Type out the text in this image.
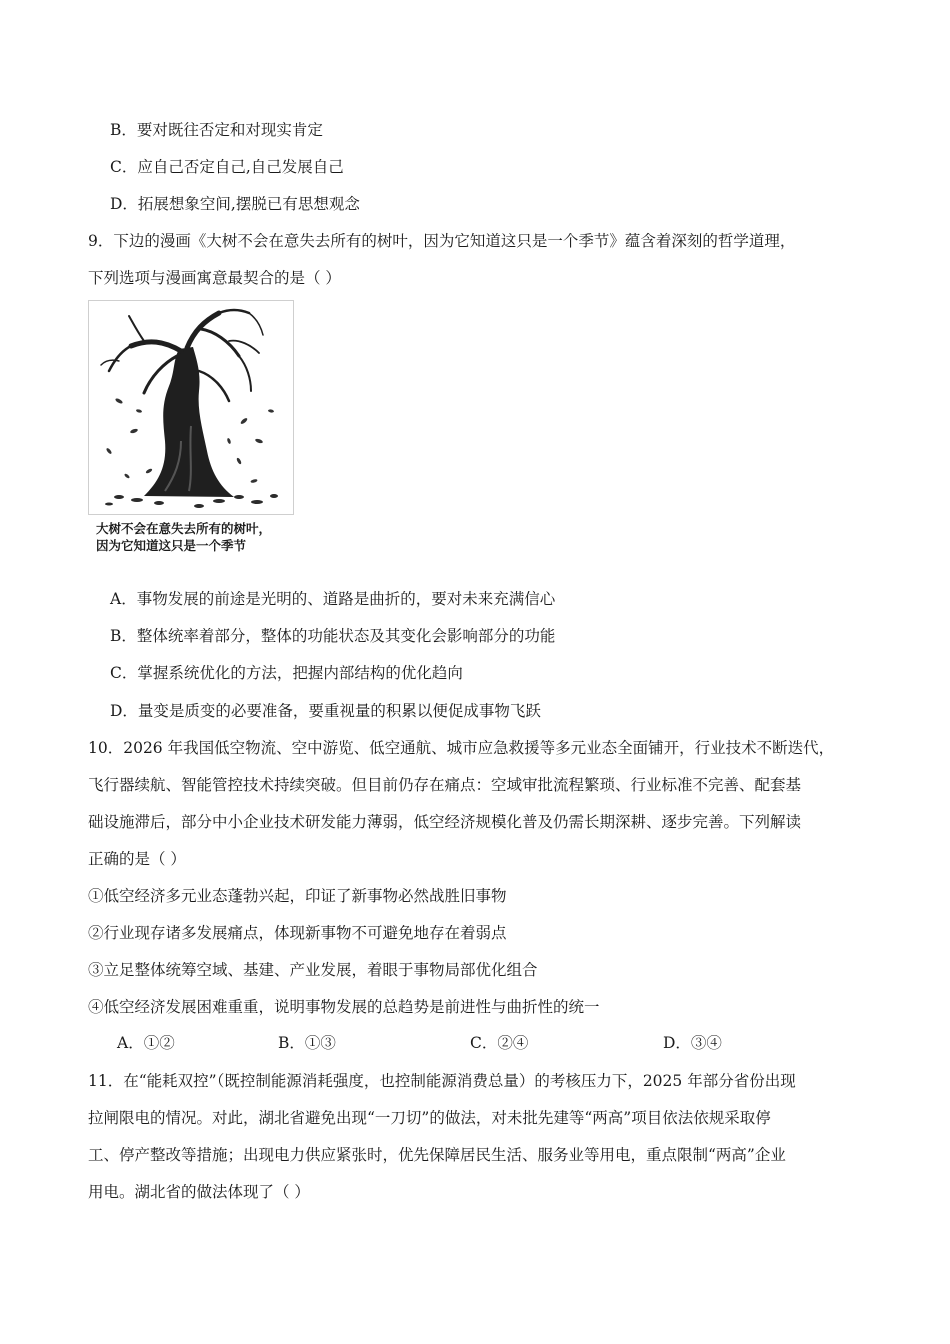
B．要对既往否定和对现实肯定
C．应自己否定自己,自己发展自己
D．拓展想象空间,摆脱已有思想观念
9．下边的漫画《大树不会在意失去所有的树叶，因为它知道这只是一个季节》蕴含着深刻的哲学道理，
下列选项与漫画寓意最契合的是（ ）
大树不会在意失去所有的树叶，
因为它知道这只是一个季节
A．事物发展的前途是光明的、道路是曲折的，要对未来充满信心
B．整体统率着部分，整体的功能状态及其变化会影响部分的功能
C．掌握系统优化的方法，把握内部结构的优化趋向
D．量变是质变的必要准备，要重视量的积累以便促成事物飞跃
10．2026 年我国低空物流、空中游览、低空通航、城市应急救援等多元业态全面铺开，行业技术不断迭代，
飞行器续航、智能管控技术持续突破。但目前仍存在痛点：空域审批流程繁琐、行业标准不完善、配套基
础设施滞后，部分中小企业技术研发能力薄弱，低空经济规模化普及仍需长期深耕、逐步完善。下列解读
正确的是（ ）
①低空经济多元业态蓬勃兴起，印证了新事物必然战胜旧事物
②行业现存诸多发展痛点，体现新事物不可避免地存在着弱点
③立足整体统筹空域、基建、产业发展，着眼于事物局部优化组合
④低空经济发展困难重重，说明事物发展的总趋势是前进性与曲折性的统一
A．①②	B．①③	C．②④	D．③④
11．在“能耗双控”（既控制能源消耗强度，也控制能源消费总量）的考核压力下，2025 年部分省份出现
拉闸限电的情况。对此，湖北省避免出现“一刀切”的做法，对未批先建等“两高”项目依法依规采取停
工、停产整改等措施；出现电力供应紧张时，优先保障居民生活、服务业等用电，重点限制“两高”企业
用电。湖北省的做法体现了（ ）
